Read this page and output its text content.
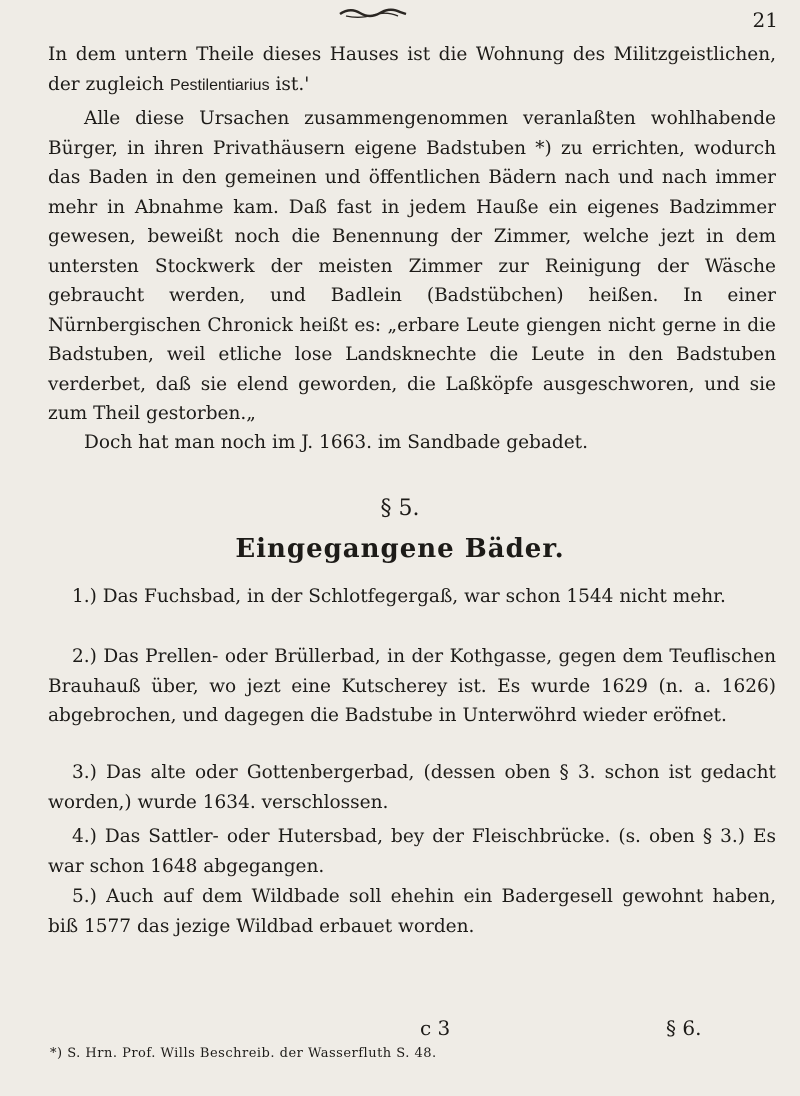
21

In dem untern Theile dieses Hauses ist die Wohnung des Militzgeistlichen, der zugleich Pestilentiarius ist.'

Alle diese Ursachen zusammengenommen veranlaßten wohlhabende Bürger, in ihren Privathäusern eigene Badstuben *) zu errichten, wodurch das Baden in den gemeinen und öffentlichen Bädern nach und nach immer mehr in Abnahme kam. Daß fast in jedem Hauße ein eigenes Badzimmer gewesen, beweißt noch die Benennung der Zimmer, welche jezt in dem untersten Stockwerk der meisten Zimmer zur Reinigung der Wäsche gebraucht werden, und Badlein (Badstübchen) heißen. In einer Nürnbergischen Chronick heißt es: „erbare Leute giengen nicht gerne in die Badstuben, weil etliche lose Landsknechte die Leute in den Badstuben verderbet, daß sie elend geworden, die Laßköpfe ausgeschworen, und sie zum Theil gestorben.„

Doch hat man noch im J. 1663. im Sandbade gebadet.

§ 5.

Eingegangene Bäder.

1.) Das Fuchsbad, in der Schlotfegergaß, war schon 1544 nicht mehr.

2.) Das Prellen- oder Brüllerbad, in der Kothgasse, gegen dem Teuflischen Brauhauß über, wo jezt eine Kutscherey ist. Es wurde 1629 (n. a. 1626) abgebrochen, und dagegen die Badstube in Unterwöhrd wieder eröfnet.

3.) Das alte oder Gottenbergerbad, (dessen oben § 3. schon ist gedacht worden,) wurde 1634. verschlossen.

4.) Das Sattler- oder Hutersbad, bey der Fleischbrücke. (s. oben § 3.) Es war schon 1648 abgegangen.

5.) Auch auf dem Wildbade soll ehehin ein Badergesell gewohnt haben, biß 1577 das jezige Wildbad erbauet worden.

c 3	§ 6.
*) S. Hrn. Prof. Wills Beschreib. der Wasserfluth S. 48.
